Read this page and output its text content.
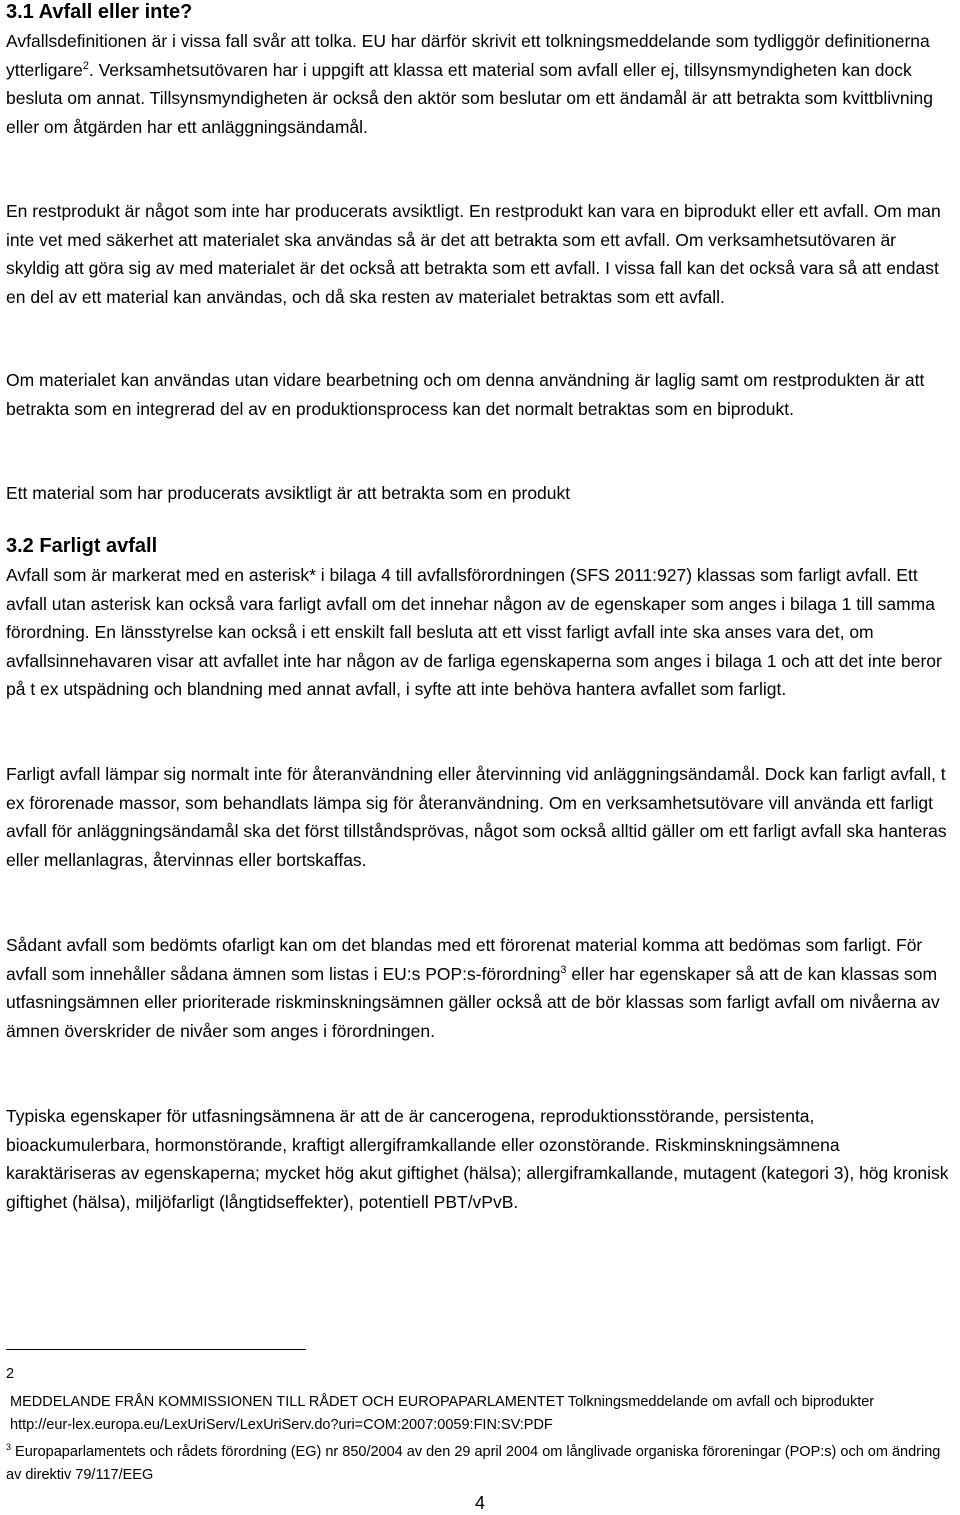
3.1 Avfall eller inte?

Avfallsdefinitionen är i vissa fall svår att tolka. EU har därför skrivit ett tolkningsmeddelande som tydliggör definitionerna ytterligare$^2$. Verksamhetsutövaren har i uppgift att klassa ett material som avfall eller ej, tillsynsmyndigheten kan dock besluta om annat. Tillsynsmyndigheten är också den aktör som beslutar om ett ändamål är att betrakta som kvittblivning eller om åtgärden har ett anläggningsändamål.

En restprodukt är något som inte har producerats avsiktligt. En restprodukt kan vara en biprodukt eller ett avfall. Om man inte vet med säkerhet att materialet ska användas så är det att betrakta som ett avfall. Om verksamhetsutövaren är skyldig att göra sig av med materialet är det också att betrakta som ett avfall. I vissa fall kan det också vara så att endast en del av ett material kan användas, och då ska resten av materialet betraktas som ett avfall.

Om materialet kan användas utan vidare bearbetning och om denna användning är laglig samt om restprodukten är att betrakta som en integrerad del av en produktionsprocess kan det normalt betraktas som en biprodukt.

Ett material som har producerats avsiktligt är att betrakta som en produkt

3.2 Farligt avfall

Avfall som är markerat med en asterisk* i bilaga 4 till avfallsförordningen (SFS 2011:927) klassas som farligt avfall. Ett avfall utan asterisk kan också vara farligt avfall om det innehar någon av de egenskaper som anges i bilaga 1 till samma förordning. En länsstyrelse kan också i ett enskilt fall besluta att ett visst farligt avfall inte ska anses vara det, om avfallsinnehavaren visar att avfallet inte har någon av de farliga egenskaperna som anges i bilaga 1 och att det inte beror på t ex utspädning och blandning med annat avfall, i syfte att inte behöva hantera avfallet som farligt.

Farligt avfall lämpar sig normalt inte för återanvändning eller återvinning vid anläggningsändamål. Dock kan farligt avfall, t ex förorenade massor, som behandlats lämpa sig för återanvändning. Om en verksamhetsutövare vill använda ett farligt avfall för anläggningsändamål ska det först tillståndsprövas, något som också alltid gäller om ett farligt avfall ska hanteras eller mellanlagras, återvinnas eller bortskaffas.

Sådant avfall som bedömts ofarligt kan om det blandas med ett förorenat material komma att bedömas som farligt. För avfall som innehåller sådana ämnen som listas i EU:s POP:s-förordning$^3$ eller har egenskaper så att de kan klassas som utfasningsämnen eller prioriterade riskminskningsämnen gäller också att de bör klassas som farligt avfall om nivåerna av ämnen överskrider de nivåer som anges i förordningen.

Typiska egenskaper för utfasningsämnena är att de är cancerogena, reproduktionsstörande, persistenta, bioackumulerbara, hormonstörande, kraftigt allergiframkallande eller ozonstörande. Riskminskningsämnena karaktäriseras av egenskaperna; mycket hög akut giftighet (hälsa); allergiframkallande, mutagent (kategori 3), hög kronisk giftighet (hälsa), miljöfarligt (långtidseffekter), potentiell PBT/vPvB.

2

MEDDELANDE FRÅN KOMMISSIONEN TILL RÅDET OCH EUROPAPARLAMENTET Tolkningsmeddelande om avfall och biprodukter http://eur-lex.europa.eu/LexUriServ/LexUriServ.do?uri=COM:2007:0059:FIN:SV:PDF

$^3$ Europaparlamentets och rådets förordning (EG) nr 850/2004 av den 29 april 2004 om långlivade organiska föroreningar (POP:s) och om ändring av direktiv 79/117/EEG

4
